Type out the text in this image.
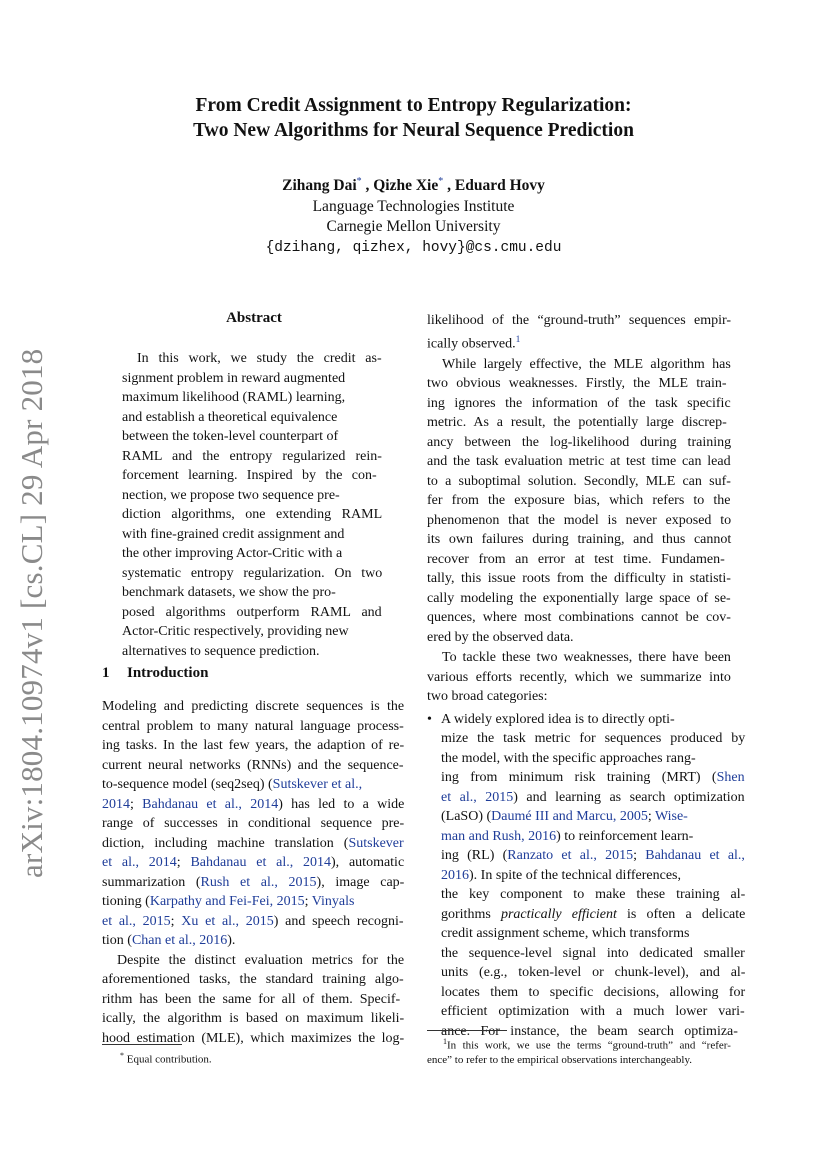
arXiv:1804.10974v1 [cs.CL] 29 Apr 2018
From Credit Assignment to Entropy Regularization:
Two New Algorithms for Neural Sequence Prediction
Zihang Dai* , Qizhe Xie* , Eduard Hovy
Language Technologies Institute
Carnegie Mellon University
{dzihang, qizhex, hovy}@cs.cmu.edu
Abstract
In this work, we study the credit as-
signment problem in reward augmented
maximum likelihood (RAML) learning,
and establish a theoretical equivalence
between the token-level counterpart of
RAML and the entropy regularized rein-
forcement learning. Inspired by the con-
nection, we propose two sequence pre-
diction algorithms, one extending RAML
with fine-grained credit assignment and
the other improving Actor-Critic with a
systematic entropy regularization. On two
benchmark datasets, we show the pro-
posed algorithms outperform RAML and
Actor-Critic respectively, providing new
alternatives to sequence prediction.
1 Introduction
Modeling and predicting discrete sequences is the
central problem to many natural language process-
ing tasks. In the last few years, the adaption of re-
current neural networks (RNNs) and the sequence-
to-sequence model (seq2seq) (Sutskever et al.,
2014; Bahdanau et al., 2014) has led to a wide
range of successes in conditional sequence pre-
diction, including machine translation (Sutskever
et al., 2014; Bahdanau et al., 2014), automatic
summarization (Rush et al., 2015), image cap-
tioning (Karpathy and Fei-Fei, 2015; Vinyals
et al., 2015; Xu et al., 2015) and speech recogni-
tion (Chan et al., 2016).
Despite the distinct evaluation metrics for the
aforementioned tasks, the standard training algo-
rithm has been the same for all of them. Specif-
ically, the algorithm is based on maximum likeli-
hood estimation (MLE), which maximizes the log-
* Equal contribution.
likelihood of the “ground-truth” sequences empir-
ically observed.$^1$
While largely effective, the MLE algorithm has
two obvious weaknesses. Firstly, the MLE train-
ing ignores the information of the task specific
metric. As a result, the potentially large discrep-
ancy between the log-likelihood during training
and the task evaluation metric at test time can lead
to a suboptimal solution. Secondly, MLE can suf-
fer from the exposure bias, which refers to the
phenomenon that the model is never exposed to
its own failures during training, and thus cannot
recover from an error at test time. Fundamen-
tally, this issue roots from the difficulty in statisti-
cally modeling the exponentially large space of se-
quences, where most combinations cannot be cov-
ered by the observed data.
To tackle these two weaknesses, there have been
various efforts recently, which we summarize into
two broad categories:
• A widely explored idea is to directly opti-
mize the task metric for sequences produced by
the model, with the specific approaches rang-
ing from minimum risk training (MRT) (Shen
et al., 2015) and learning as search optimization
(LaSO) (Daumé III and Marcu, 2005; Wise-
man and Rush, 2016) to reinforcement learn-
ing (RL) (Ranzato et al., 2015; Bahdanau et al.,
2016). In spite of the technical differences,
the key component to make these training al-
gorithms practically efficient is often a delicate
credit assignment scheme, which transforms
the sequence-level signal into dedicated smaller
units (e.g., token-level or chunk-level), and al-
locates them to specific decisions, allowing for
efficient optimization with a much lower vari-
ance. For instance, the beam search optimiza-
$^1$In this work, we use the terms “ground-truth” and “refer-
ence” to refer to the empirical observations interchangeably.
